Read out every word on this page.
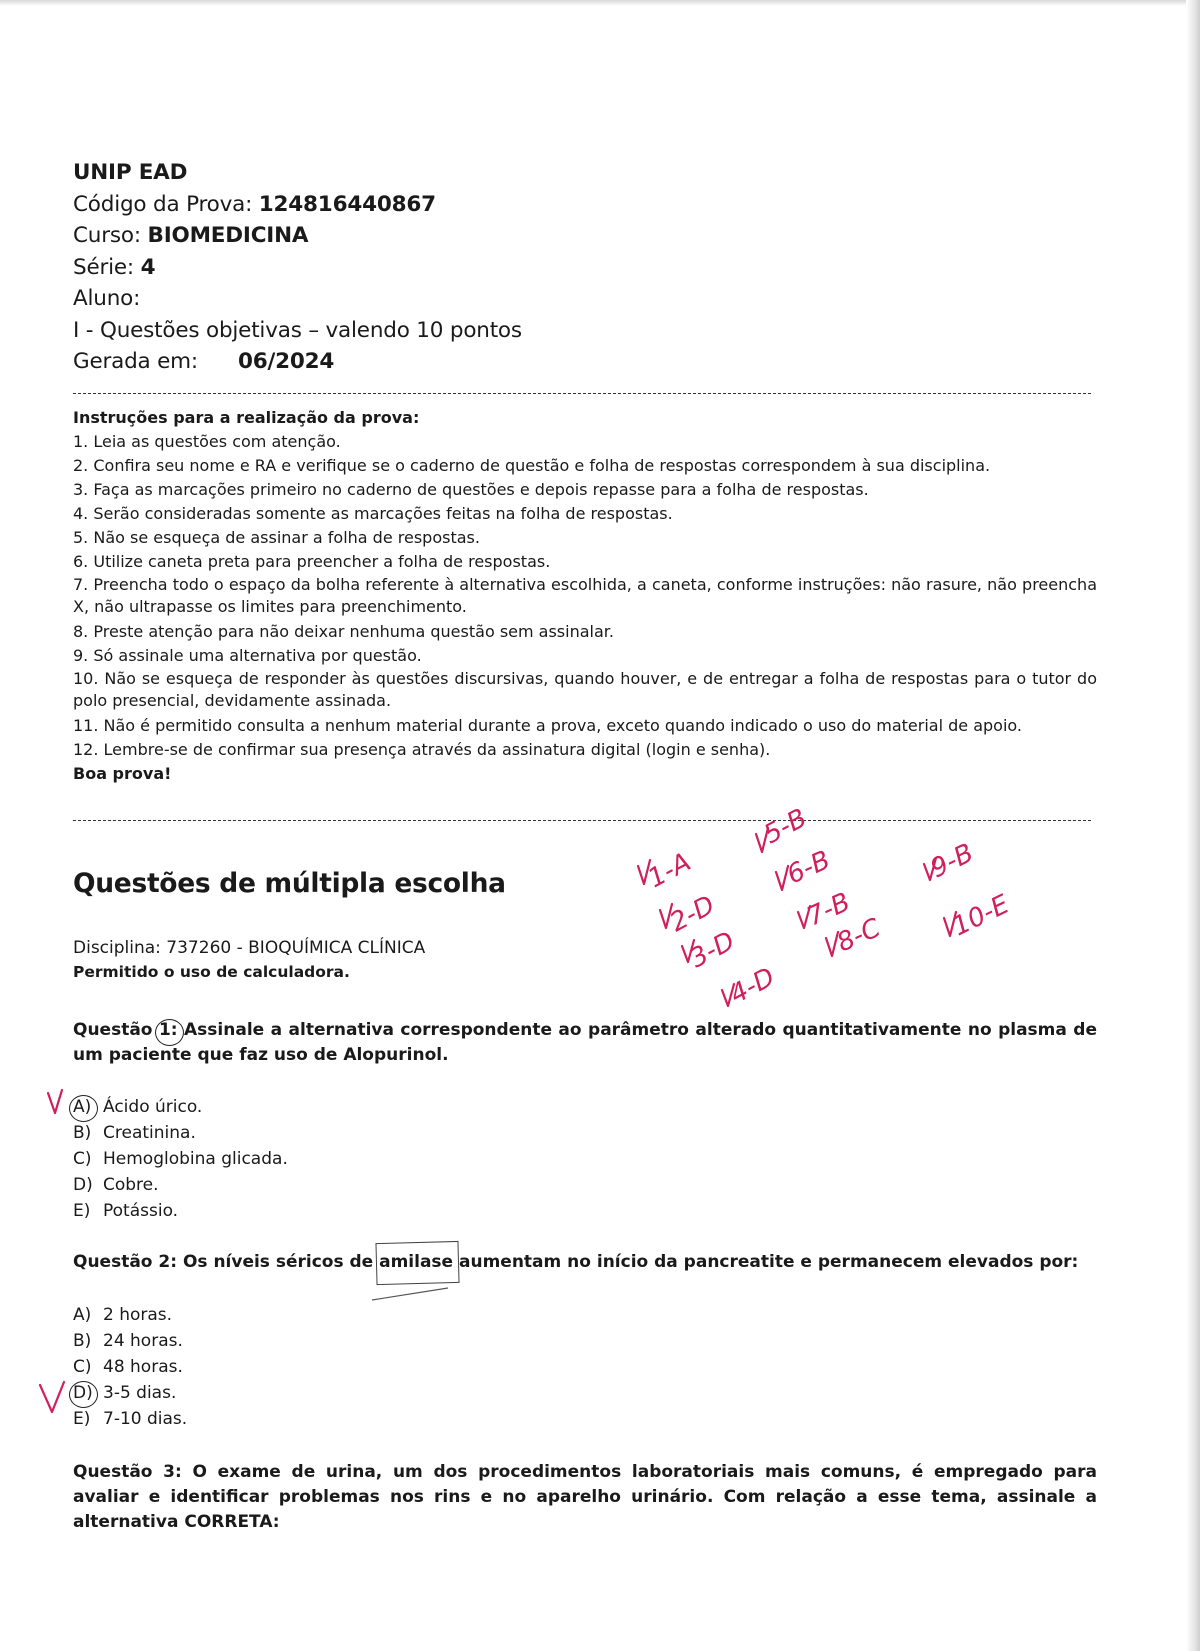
UNIP EAD
Código da Prova: 124816440867
Curso: BIOMEDICINA
Série: 4
Aluno:
I - Questões objetivas – valendo 10 pontos
Gerada em: 06/2024
Instruções para a realização da prova:
1. Leia as questões com atenção.
2. Confira seu nome e RA e verifique se o caderno de questão e folha de respostas correspondem à sua disciplina.
3. Faça as marcações primeiro no caderno de questões e depois repasse para a folha de respostas.
4. Serão consideradas somente as marcações feitas na folha de respostas.
5. Não se esqueça de assinar a folha de respostas.
6. Utilize caneta preta para preencher a folha de respostas.
7. Preencha todo o espaço da bolha referente à alternativa escolhida, a caneta, conforme instruções: não rasure, não preencha X, não ultrapasse os limites para preenchimento.
8. Preste atenção para não deixar nenhuma questão sem assinalar.
9. Só assinale uma alternativa por questão.
10. Não se esqueça de responder às questões discursivas, quando houver, e de entregar a folha de respostas para o tutor do polo presencial, devidamente assinada.
11. Não é permitido consulta a nenhum material durante a prova, exceto quando indicado o uso do material de apoio.
12. Lembre-se de confirmar sua presença através da assinatura digital (login e senha).
Boa prova!
Questões de múltipla escolha
Disciplina: 737260 - BIOQUÍMICA CLÍNICA
Permitido o uso de calculadora.
Questão 1: Assinale a alternativa correspondente ao parâmetro alterado quantitativamente no plasma de um paciente que faz uso de Alopurinol.
A) Ácido úrico.
B) Creatinina.
C) Hemoglobina glicada.
D) Cobre.
E) Potássio.
Questão 2: Os níveis séricos de amilase aumentam no início da pancreatite e permanecem elevados por:
A) 2 horas.
B) 24 horas.
C) 48 horas.
D) 3-5 dias.
E) 7-10 dias.
Questão 3: O exame de urina, um dos procedimentos laboratoriais mais comuns, é empregado para avaliar e identificar problemas nos rins e no aparelho urinário. Com relação a esse tema, assinale a alternativa CORRETA:
1-A
2-D
3-D
4-D
5-B
6-B
7-B
8-C
9-B
10-E
